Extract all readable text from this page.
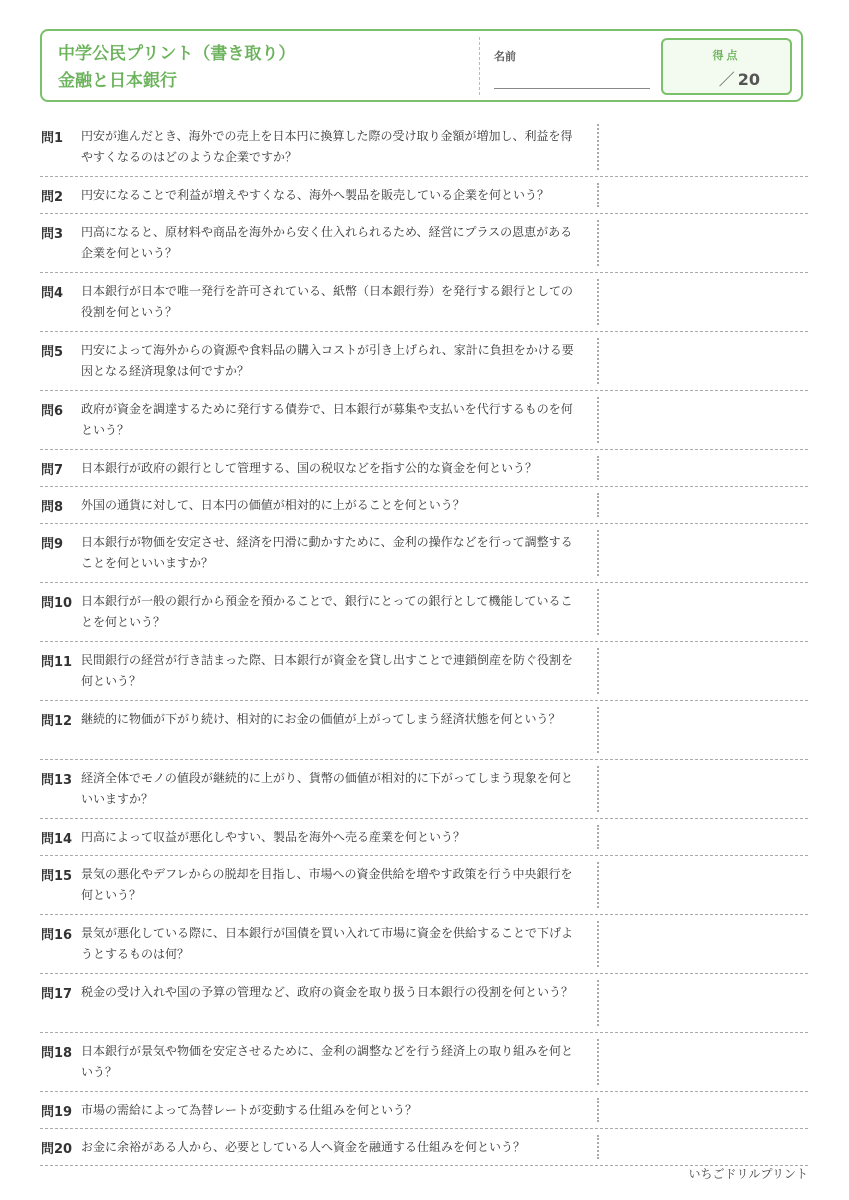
中学公民プリント（書き取り）
金融と日本銀行
名前	得点
／ 20
問1 円安が進んだとき、海外での売上を日本円に換算した際の受け取り金額が増加し、利益を得やすくなるのはどのような企業ですか？
問2 円安になることで利益が増えやすくなる、海外へ製品を販売している企業を何という？
問3 円高になると、原材料や商品を海外から安く仕入れられるため、経営にプラスの恩恵がある企業を何という？
問4 日本銀行が日本で唯一発行を許可されている、紙幣（日本銀行券）を発行する銀行としての役割を何という？
問5 円安によって海外からの資源や食料品の購入コストが引き上げられ、家計に負担をかける要因となる経済現象は何ですか？
問6 政府が資金を調達するために発行する債券で、日本銀行が募集や支払いを代行するものを何という？
問7 日本銀行が政府の銀行として管理する、国の税収などを指す公的な資金を何という？
問8 外国の通貨に対して、日本円の価値が相対的に上がることを何という？
問9 日本銀行が物価を安定させ、経済を円滑に動かすために、金利の操作などを行って調整することを何といいますか？
問10 日本銀行が一般の銀行から預金を預かることで、銀行にとっての銀行として機能していることを何という？
問11 民間銀行の経営が行き詰まった際、日本銀行が資金を貸し出すことで連鎖倒産を防ぐ役割を何という？
問12 継続的に物価が下がり続け、相対的にお金の価値が上がってしまう経済状態を何という？
問13 経済全体でモノの値段が継続的に上がり、貨幣の価値が相対的に下がってしまう現象を何といいますか？
問14 円高によって収益が悪化しやすい、製品を海外へ売る産業を何という？
問15 景気の悪化やデフレからの脱却を目指し、市場への資金供給を増やす政策を行う中央銀行を何という？
問16 景気が悪化している際に、日本銀行が国債を買い入れて市場に資金を供給することで下げようとするものは何？
問17 税金の受け入れや国の予算の管理など、政府の資金を取り扱う日本銀行の役割を何という？
問18 日本銀行が景気や物価を安定させるために、金利の調整などを行う経済上の取り組みを何という？
問19 市場の需給によって為替レートが変動する仕組みを何という？
問20 お金に余裕がある人から、必要としている人へ資金を融通する仕組みを何という？
いちごドリルプリント
